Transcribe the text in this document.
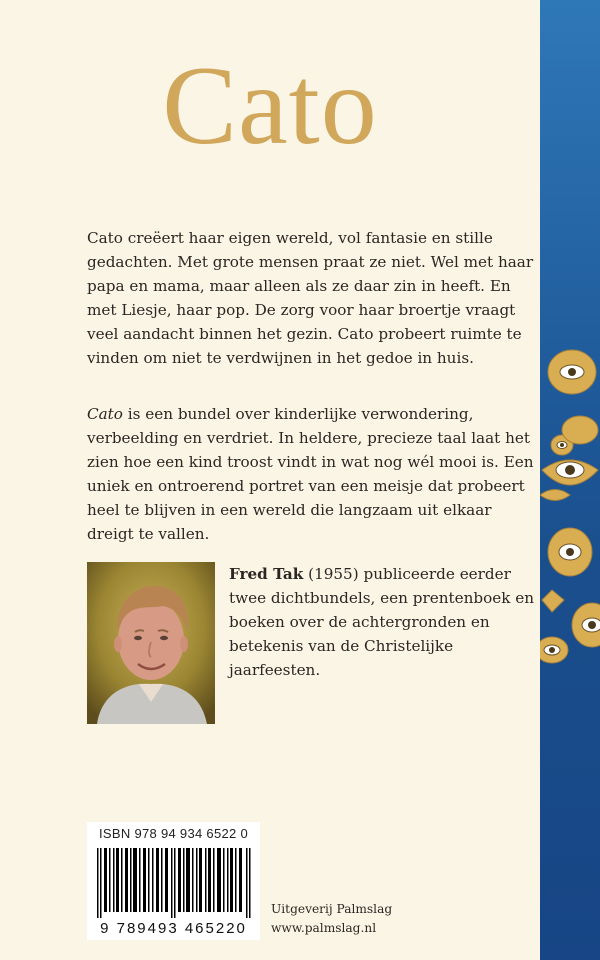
Cato

Cato creëert haar eigen wereld, vol fantasie en stille gedachten. Met grote mensen praat ze niet. Wel met haar papa en mama, maar alleen als ze daar zin in heeft. En met Liesje, haar pop. De zorg voor haar broertje vraagt veel aandacht binnen het gezin. Cato probeert ruimte te vinden om niet te verdwijnen in het gedoe in huis.

Cato is een bundel over kinderlijke verwondering, verbeelding en verdriet. In heldere, precieze taal laat het zien hoe een kind troost vindt in wat nog wél mooi is. Een uniek en ontroerend portret van een meisje dat probeert heel te blijven in een wereld die langzaam uit elkaar dreigt te vallen.

Fred Tak (1955) publiceerde eerder twee dichtbundels, een prentenboek en boeken over de achtergronden en betekenis van de Christelijke jaarfeesten.

ISBN 978 94 934 6522 0
9 789493 465220
Uitgeverij Palmslag
www.palmslag.nl
